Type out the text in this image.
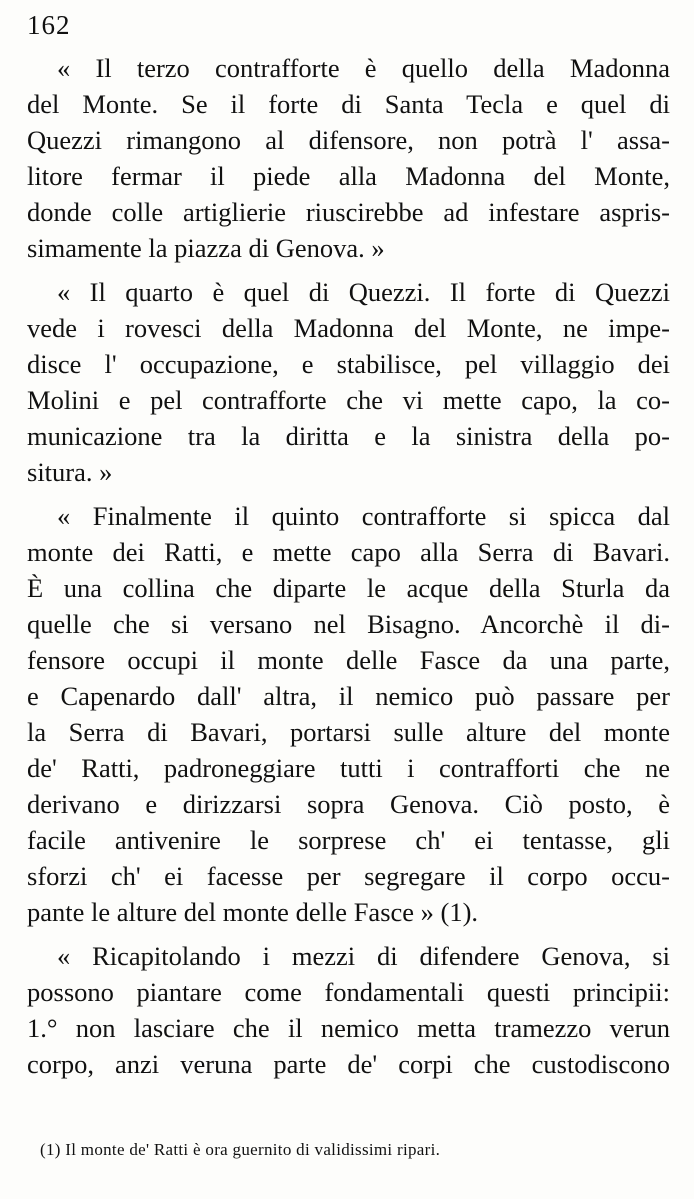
162
« Il terzo contrafforte è quello della Madonna
del Monte. Se il forte di Santa Tecla e quel di
Quezzi rimangono al difensore, non potrà l' assa-
litore fermar il piede alla Madonna del Monte,
donde colle artiglierie riuscirebbe ad infestare aspris-
simamente la piazza di Genova. »
« Il quarto è quel di Quezzi. Il forte di Quezzi
vede i rovesci della Madonna del Monte, ne impe-
disce l' occupazione, e stabilisce, pel villaggio dei
Molini e pel contrafforte che vi mette capo, la co-
municazione tra la diritta e la sinistra della po-
situra. »
« Finalmente il quinto contrafforte si spicca dal
monte dei Ratti, e mette capo alla Serra di Bavari.
È una collina che diparte le acque della Sturla da
quelle che si versano nel Bisagno. Ancorchè il di-
fensore occupi il monte delle Fasce da una parte,
e Capenardo dall' altra, il nemico può passare per
la Serra di Bavari, portarsi sulle alture del monte
de' Ratti, padroneggiare tutti i contrafforti che ne
derivano e dirizzarsi sopra Genova. Ciò posto, è
facile antivenire le sorprese ch' ei tentasse, gli
sforzi ch' ei facesse per segregare il corpo occu-
pante le alture del monte delle Fasce » (1).
« Ricapitolando i mezzi di difendere Genova, si
possono piantare come fondamentali questi principii:
1.° non lasciare che il nemico metta tramezzo verun
corpo, anzi veruna parte de' corpi che custodiscono
(1) Il monte de' Ratti è ora guernito di validissimi ripari.
